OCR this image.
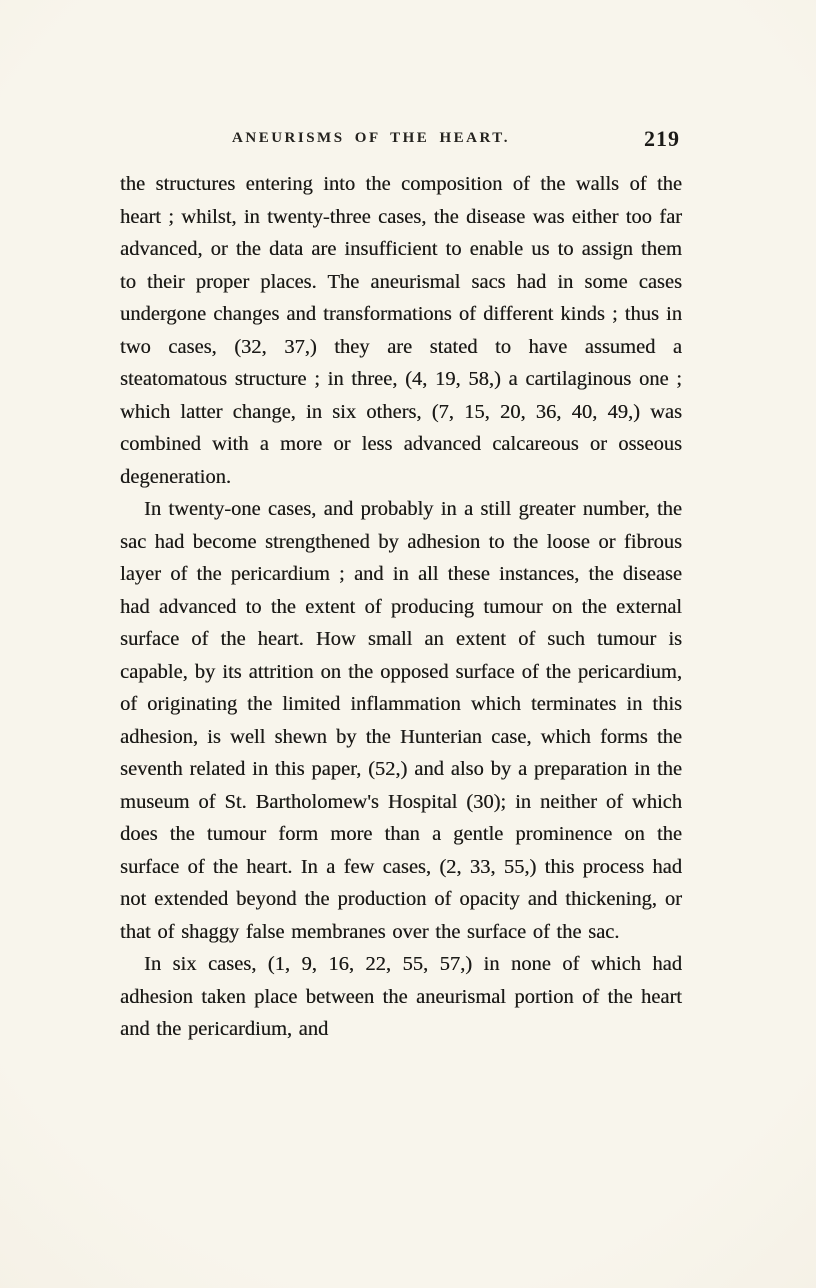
ANEURISMS OF THE HEART.	219

the structures entering into the composition of the walls of the heart ; whilst, in twenty-three cases, the disease was either too far advanced, or the data are insufficient to enable us to assign them to their proper places. The aneurismal sacs had in some cases undergone changes and transformations of different kinds ; thus in two cases, (32, 37,) they are stated to have assumed a steatomatous structure ; in three, (4, 19, 58,) a cartilaginous one ; which latter change, in six others, (7, 15, 20, 36, 40, 49,) was combined with a more or less advanced calcareous or osseous degeneration.

In twenty-one cases, and probably in a still greater number, the sac had become strengthened by adhesion to the loose or fibrous layer of the pericardium ; and in all these instances, the disease had advanced to the extent of producing tumour on the external surface of the heart. How small an extent of such tumour is capable, by its attrition on the opposed surface of the pericardium, of originating the limited inflammation which terminates in this adhesion, is well shewn by the Hunterian case, which forms the seventh related in this paper, (52,) and also by a preparation in the museum of St. Bartholomew's Hospital (30); in neither of which does the tumour form more than a gentle prominence on the surface of the heart. In a few cases, (2, 33, 55,) this process had not extended beyond the production of opacity and thickening, or that of shaggy false membranes over the surface of the sac.

In six cases, (1, 9, 16, 22, 55, 57,) in none of which had adhesion taken place between the aneurismal portion of the heart and the pericardium, and
